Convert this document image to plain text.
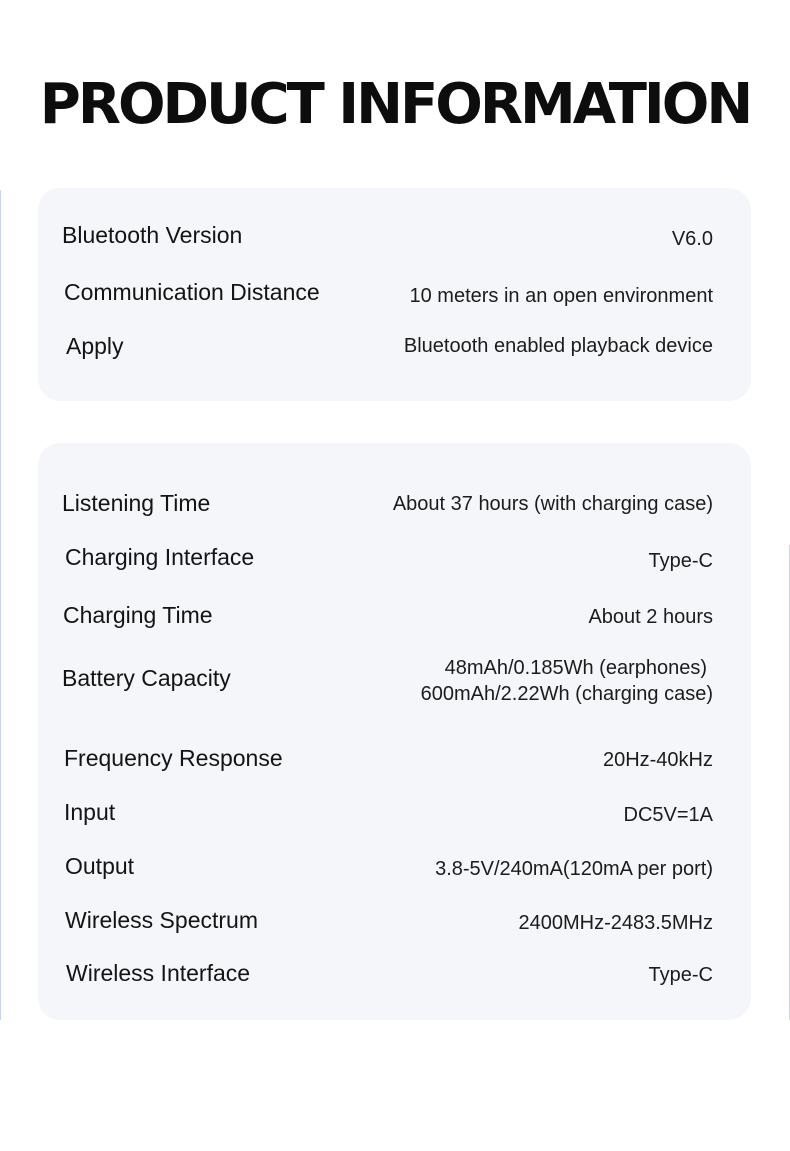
PRODUCT INFORMATION
Bluetooth Version	V6.0
Communication Distance	10 meters in an open environment
Apply	Bluetooth enabled playback device
Listening Time	About 37 hours (with charging case)
Charging Interface	Type-C
Charging Time	About 2 hours
Battery Capacity	48mAh/0.185Wh (earphones)
600mAh/2.22Wh (charging case)
Frequency Response	20Hz-40kHz
Input	DC5V=1A
Output	3.8-5V/240mA(120mA per port)
Wireless Spectrum	2400MHz-2483.5MHz
Wireless Interface	Type-C
